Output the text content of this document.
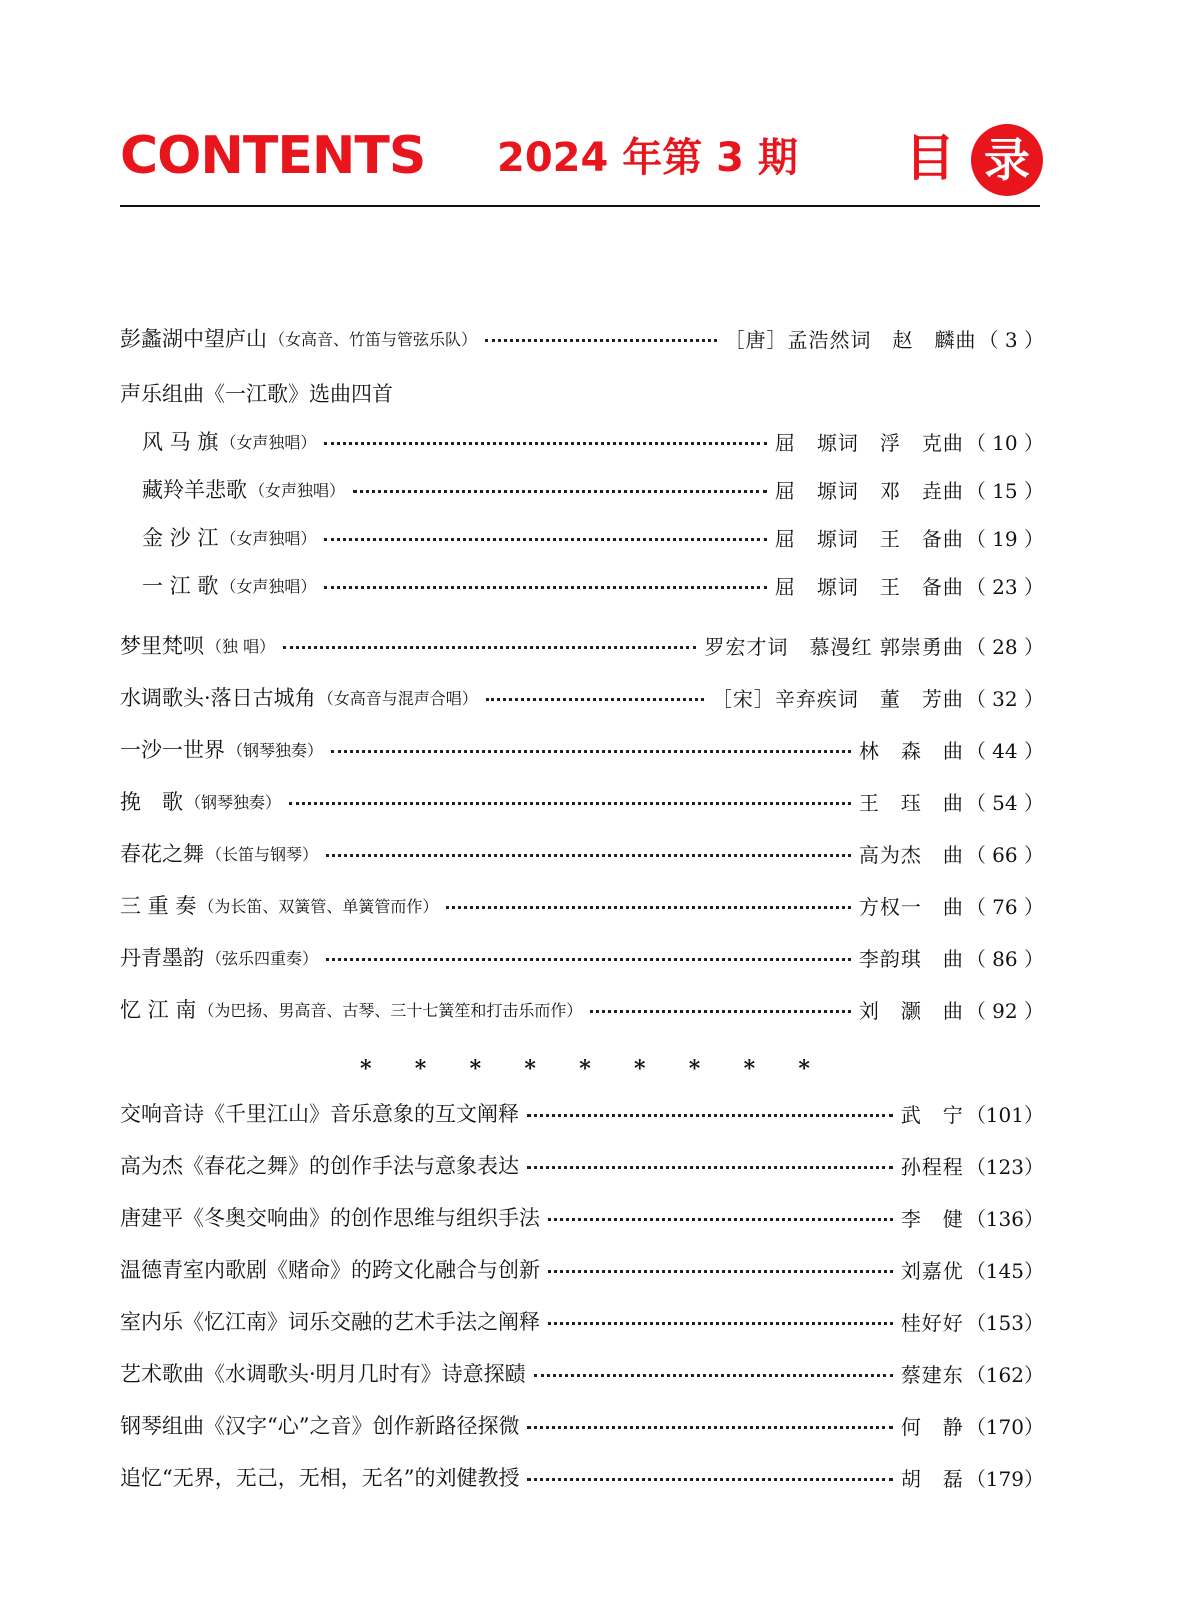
CONTENTS 2024 年第 3 期 目 录
彭蠡湖中望庐山 （女高音、竹笛与管弦乐队）	［唐］孟浩然词　赵　麟曲 （ 3 ）
声乐组曲《一江歌》选曲四首
风 马 旗 （女声独唱）	屈　塬词　浮　克曲 （ 10 ）
藏羚羊悲歌 （女声独唱）	屈　塬词　邓　垚曲 （ 15 ）
金 沙 江 （女声独唱）	屈　塬词　王　备曲 （ 19 ）
一 江 歌 （女声独唱）	屈　塬词　王　备曲 （ 23 ）
梦里梵呗 （独 唱）	罗宏才词　慕漫红 郭崇勇曲 （ 28 ）
水调歌头·落日古城角 （女高音与混声合唱）	［宋］辛弃疾词　董　芳曲 （ 32 ）
一沙一世界 （钢琴独奏）	林　森　曲 （ 44 ）
挽　歌 （钢琴独奏）	王　珏　曲 （ 54 ）
春花之舞 （长笛与钢琴）	高为杰　曲 （ 66 ）
三 重 奏 （为长笛、双簧管、单簧管而作）	方权一　曲 （ 76 ）
丹青墨韵 （弦乐四重奏）	李韵琪　曲 （ 86 ）
忆 江 南 （为巴扬、男高音、古琴、三十七簧笙和打击乐而作）	刘　灏　曲 （ 92 ）
* * * * * * * * *
交响音诗《千里江山》音乐意象的互文阐释	武　宁 （101）
高为杰《春花之舞》的创作手法与意象表达	孙程程 （123）
唐建平《冬奥交响曲》的创作思维与组织手法	李　健 （136）
温德青室内歌剧《赌命》的跨文化融合与创新	刘嘉优 （145）
室内乐《忆江南》词乐交融的艺术手法之阐释	桂好好 （153）
艺术歌曲《水调歌头·明月几时有》诗意探赜	蔡建东 （162）
钢琴组曲《汉字“心”之音》创作新路径探微	何　静 （170）
追忆“无界，无己，无相，无名”的刘健教授	胡　磊 （179）
